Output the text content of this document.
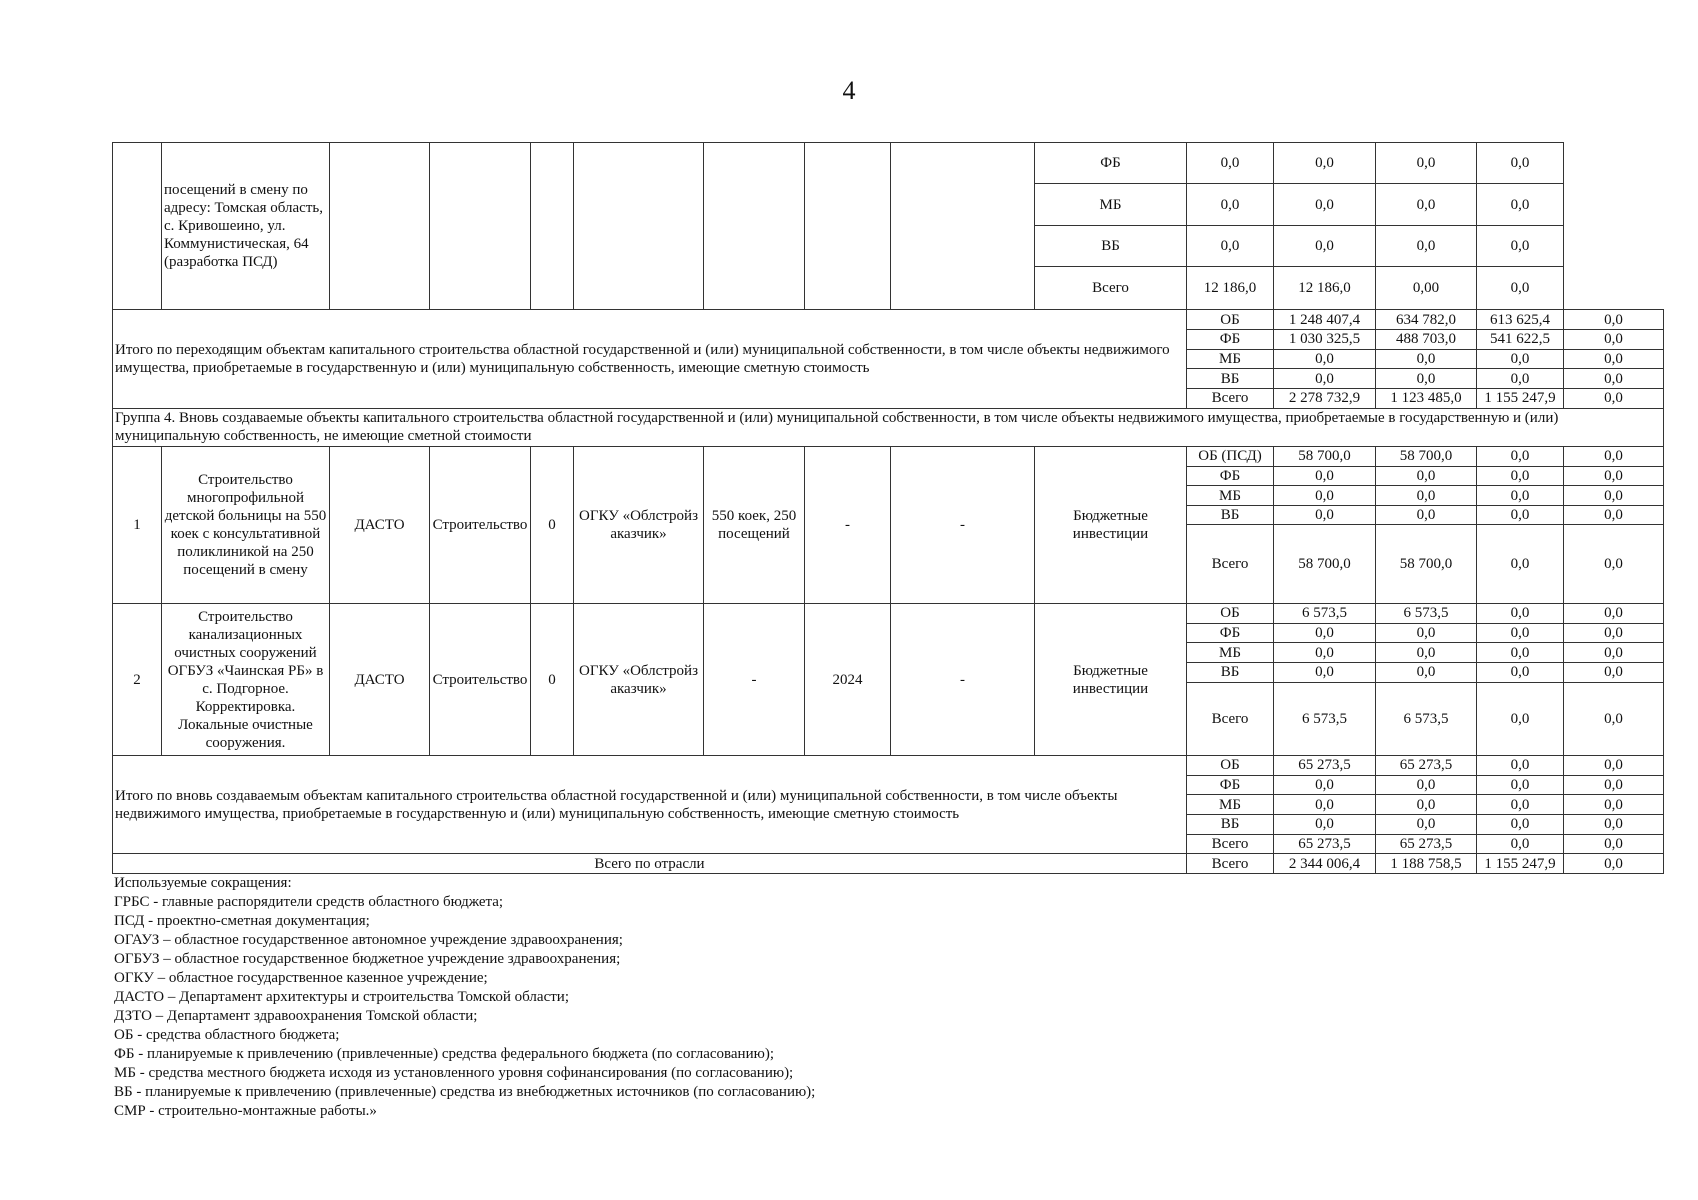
4
	посещений в смену по адресу: Томская область, с. Кривошеино, ул. Коммунистическая, 64 (разработка ПСД)								ФБ	0,0	0,0	0,0	0,0	
									МБ	0,0	0,0	0,0	0,0	
									ВБ	0,0	0,0	0,0	0,0	
									Всего	12 186,0	12 186,0	0,00	0,0	
Итого по переходящим объектам капитального строительства областной государственной и (или) муниципальной собственности, в том числе объекты недвижимого имущества, приобретаемые в государственную и (или) муниципальную собственность, имеющие сметную стоимость										ОБ	1 248 407,4	634 782,0	613 625,4	0,0
										ФБ	1 030 325,5	488 703,0	541 622,5	0,0
										МБ	0,0	0,0	0,0	0,0
										ВБ	0,0	0,0	0,0	0,0
										Всего	2 278 732,9	1 123 485,0	1 155 247,9	0,0
Группа 4. Вновь создаваемые объекты капитального строительства областной государственной и (или) муниципальной собственности, в том числе объекты недвижимого имущества, приобретаемые в государственную и (или) муниципальную собственность, не имеющие сметной стоимости														
1	Строительство многопрофильной детской больницы на 550 коек с консультативной поликлиникой на 250 посещений в смену	ДАСТО	Строительство	0	ОГКУ «Облстройзаказчик»	550 коек, 250 посещений	-	-	Бюджетные инвестиции	ОБ (ПСД)	58 700,0	58 700,0	0,0	0,0
										ФБ	0,0	0,0	0,0	0,0
										МБ	0,0	0,0	0,0	0,0
										ВБ	0,0	0,0	0,0	0,0
										Всего	58 700,0	58 700,0	0,0	0,0
2	Строительство канализационных очистных сооружений ОГБУЗ «Чаинская РБ» в с. Подгорное. Корректировка. Локальные очистные сооружения.	ДАСТО	Строительство	0	ОГКУ «Облстройзаказчик»	-	2024	-	Бюджетные инвестиции	ОБ	6 573,5	6 573,5	0,0	0,0
										ФБ	0,0	0,0	0,0	0,0
										МБ	0,0	0,0	0,0	0,0
										ВБ	0,0	0,0	0,0	0,0
										Всего	6 573,5	6 573,5	0,0	0,0
Итого по вновь создаваемым объектам капитального строительства областной государственной и (или) муниципальной собственности, в том числе объекты недвижимого имущества, приобретаемые в государственную и (или) муниципальную собственность, имеющие сметную стоимость										ОБ	65 273,5	65 273,5	0,0	0,0
										ФБ	0,0	0,0	0,0	0,0
										МБ	0,0	0,0	0,0	0,0
										ВБ	0,0	0,0	0,0	0,0
										Всего	65 273,5	65 273,5	0,0	0,0
Всего по отрасли										Всего	2 344 006,4	1 188 758,5	1 155 247,9	0,0
Используемые сокращения:
ГРБС - главные распорядители средств областного бюджета;
ПСД - проектно-сметная документация;
ОГАУЗ – областное государственное автономное учреждение здравоохранения;
ОГБУЗ – областное государственное бюджетное учреждение здравоохранения;
ОГКУ – областное государственное казенное учреждение;
ДАСТО – Департамент архитектуры и строительства Томской области;
ДЗТО – Департамент здравоохранения Томской области;
ОБ - средства областного бюджета;
ФБ - планируемые к привлечению (привлеченные) средства федерального бюджета (по согласованию);
МБ - средства местного бюджета исходя из установленного уровня софинансирования (по согласованию);
ВБ - планируемые к привлечению (привлеченные) средства из внебюджетных источников (по согласованию);
СМР - строительно-монтажные работы.»
